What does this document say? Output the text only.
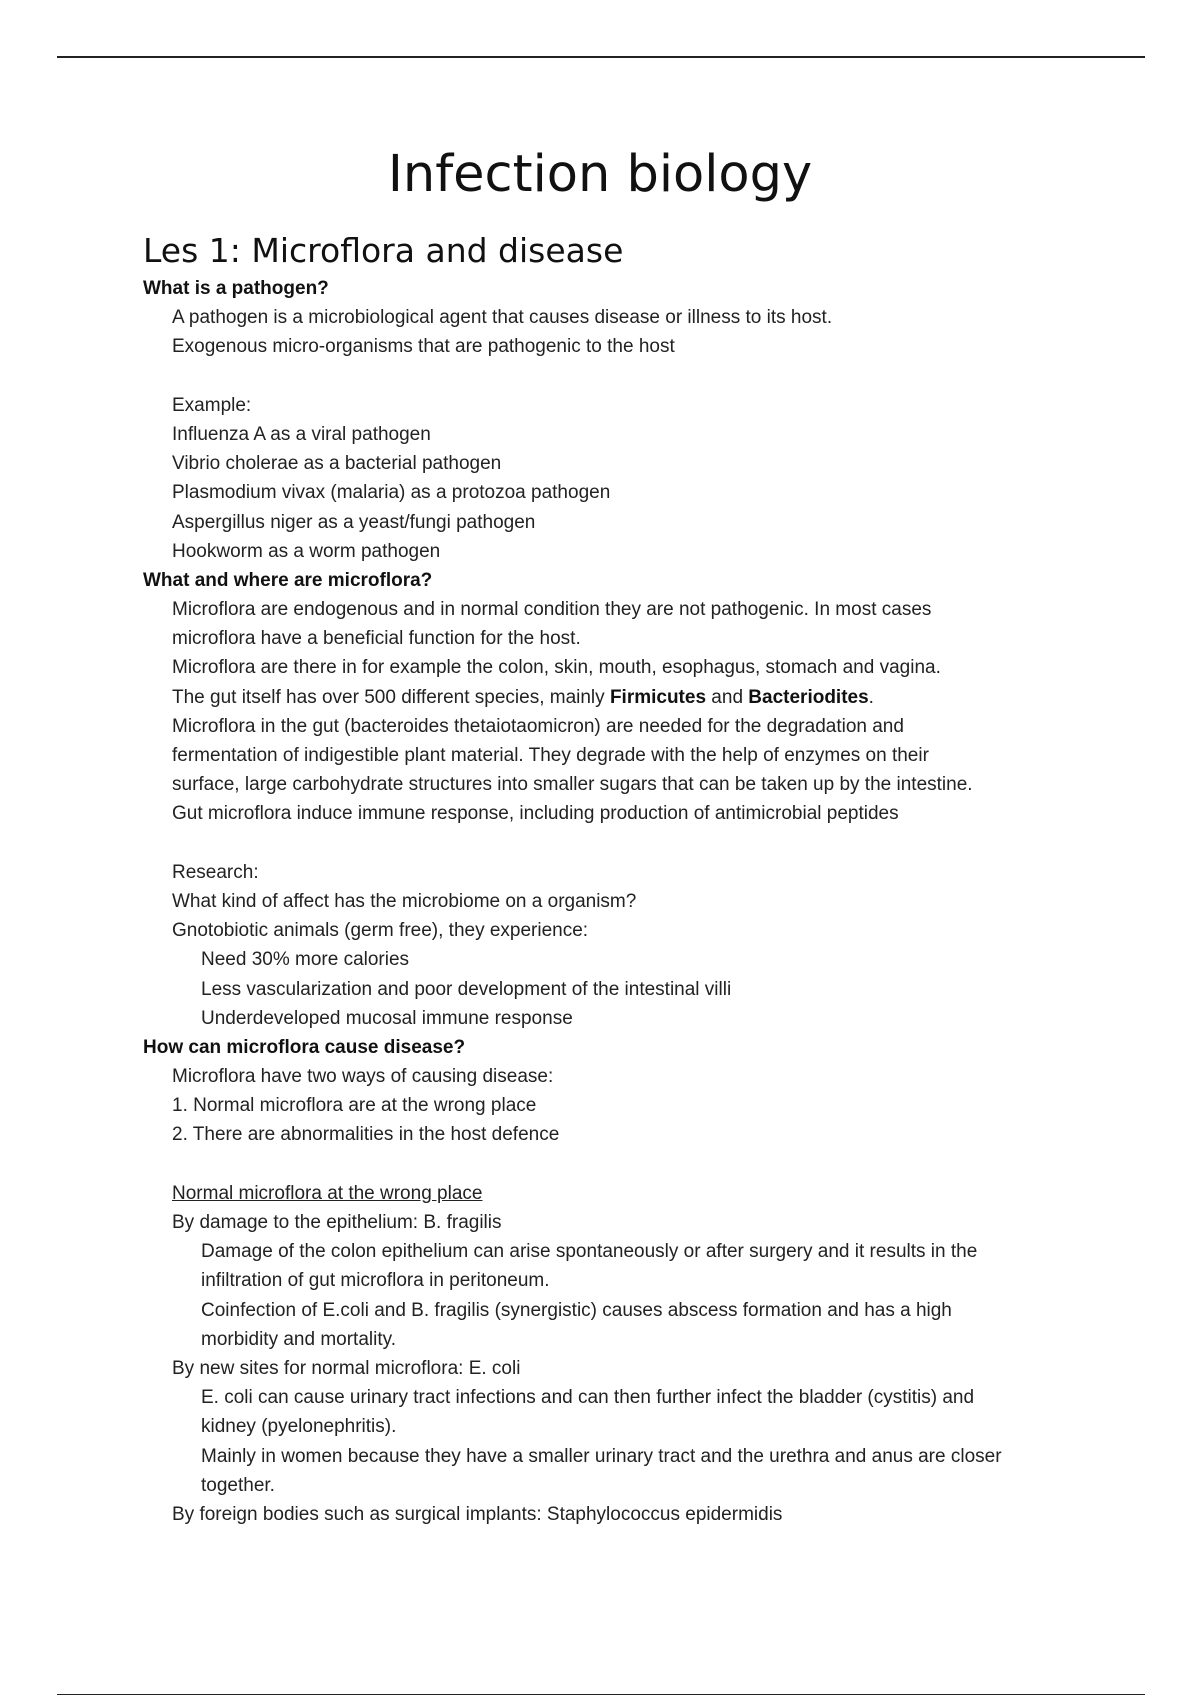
Infection biology
Les 1: Microflora and disease
What is a pathogen?
A pathogen is a microbiological agent that causes disease or illness to its host.
Exogenous micro-organisms that are pathogenic to the host
Example:
Influenza A as a viral pathogen
Vibrio cholerae as a bacterial pathogen
Plasmodium vivax (malaria) as a protozoa pathogen
Aspergillus niger as a yeast/fungi pathogen
Hookworm as a worm pathogen
What and where are microflora?
Microflora are endogenous and in normal condition they are not pathogenic. In most cases
microflora have a beneficial function for the host.
Microflora are there in for example the colon, skin, mouth, esophagus, stomach and vagina.
The gut itself has over 500 different species, mainly Firmicutes and Bacteriodites.
Microflora in the gut (bacteroides thetaiotaomicron) are needed for the degradation and
fermentation of indigestible plant material. They degrade with the help of enzymes on their
surface, large carbohydrate structures into smaller sugars that can be taken up by the intestine.
Gut microflora induce immune response, including production of antimicrobial peptides
Research:
What kind of affect has the microbiome on a organism?
Gnotobiotic animals (germ free), they experience:
Need 30% more calories
Less vascularization and poor development of the intestinal villi
Underdeveloped mucosal immune response
How can microflora cause disease?
Microflora have two ways of causing disease:
1. Normal microflora are at the wrong place
2. There are abnormalities in the host defence
Normal microflora at the wrong place
By damage to the epithelium: B. fragilis
Damage of the colon epithelium can arise spontaneously or after surgery and it results in the
infiltration of gut microflora in peritoneum.
Coinfection of E.coli and B. fragilis (synergistic) causes abscess formation and has a high
morbidity and mortality.
By new sites for normal microflora: E. coli
E. coli can cause urinary tract infections and can then further infect the bladder (cystitis) and
kidney (pyelonephritis).
Mainly in women because they have a smaller urinary tract and the urethra and anus are closer
together.
By foreign bodies such as surgical implants: Staphylococcus epidermidis
